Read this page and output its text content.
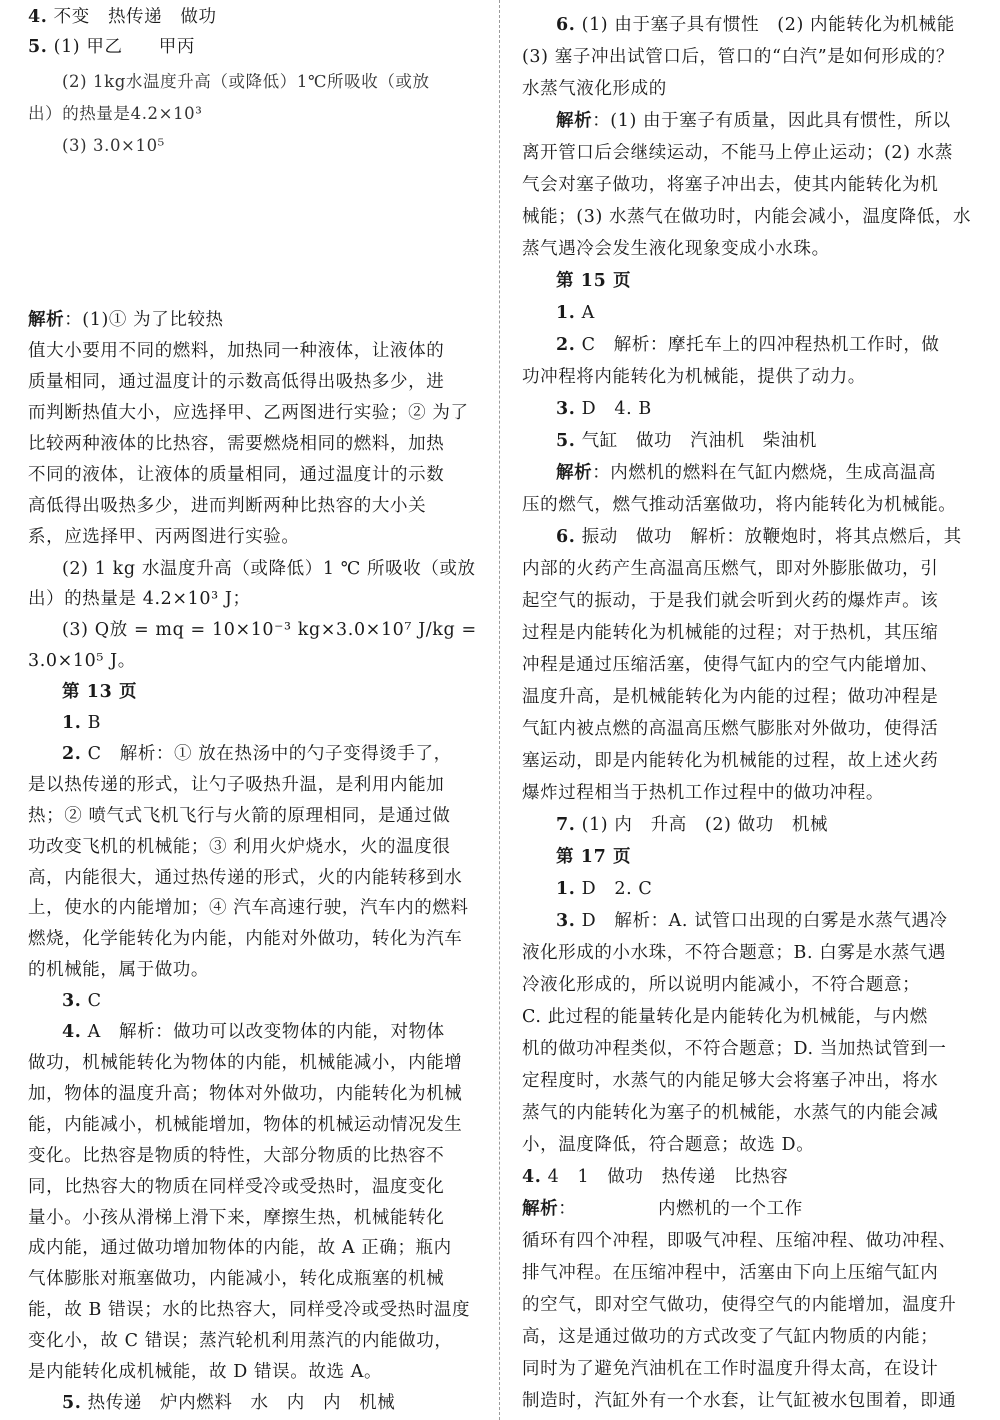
4. 不变　热传递　做功
5. (1) 甲乙　　甲丙
(2) 1kg水温度升高（或降低）1℃所吸收（或放
出）的热量是4.2×10³
(3) 3.0×10⁵
解析：(1)① 为了比较热
值大小要用不同的燃料，加热同一种液体，让液体的
质量相同，通过温度计的示数高低得出吸热多少，进
而判断热值大小，应选择甲、乙两图进行实验；② 为了
比较两种液体的比热容，需要燃烧相同的燃料，加热
不同的液体，让液体的质量相同，通过温度计的示数
高低得出吸热多少，进而判断两种比热容的大小关
系，应选择甲、丙两图进行实验。
(2) 1 kg 水温度升高（或降低）1 ℃ 所吸收（或放
出）的热量是 4.2×10³ J；
(3) Q放 = mq = 10×10⁻³ kg×3.0×10⁷ J/kg =
3.0×10⁵ J。
第 13 页
1. B
2. C　解析：① 放在热汤中的勺子变得烫手了，
是以热传递的形式，让勺子吸热升温，是利用内能加
热；② 喷气式飞机飞行与火箭的原理相同，是通过做
功改变飞机的机械能；③ 利用火炉烧水，火的温度很
高，内能很大，通过热传递的形式，火的内能转移到水
上，使水的内能增加；④ 汽车高速行驶，汽车内的燃料
燃烧，化学能转化为内能，内能对外做功，转化为汽车
的机械能，属于做功。
3. C
4. A　解析：做功可以改变物体的内能，对物体
做功，机械能转化为物体的内能，机械能减小，内能增
加，物体的温度升高；物体对外做功，内能转化为机械
能，内能减小，机械能增加，物体的机械运动情况发生
变化。比热容是物质的特性，大部分物质的比热容不
同，比热容大的物质在同样受冷或受热时，温度变化
量小。小孩从滑梯上滑下来，摩擦生热，机械能转化
成内能，通过做功增加物体的内能，故 A 正确；瓶内
气体膨胀对瓶塞做功，内能减小，转化成瓶塞的机械
能，故 B 错误；水的比热容大，同样受冷或受热时温度
变化小，故 C 错误；蒸汽轮机利用蒸汽的内能做功，
是内能转化成机械能，故 D 错误。故选 A。
5. 热传递　炉内燃料　水　内　内　机械
6. (1) 由于塞子具有惯性　(2) 内能转化为机械能
(3) 塞子冲出试管口后，管口的“白汽”是如何形成的？
水蒸气液化形成的
解析：(1) 由于塞子有质量，因此具有惯性，所以
离开管口后会继续运动，不能马上停止运动；(2) 水蒸
气会对塞子做功，将塞子冲出去，使其内能转化为机
械能；(3) 水蒸气在做功时，内能会减小，温度降低，水
蒸气遇冷会发生液化现象变成小水珠。
第 15 页
1. A
2. C　解析：摩托车上的四冲程热机工作时，做
功冲程将内能转化为机械能，提供了动力。
3. D　4. B
5. 气缸　做功　汽油机　柴油机
解析：内燃机的燃料在气缸内燃烧，生成高温高
压的燃气，燃气推动活塞做功，将内能转化为机械能。
6. 振动　做功　解析：放鞭炮时，将其点燃后，其
内部的火药产生高温高压燃气，即对外膨胀做功，引
起空气的振动，于是我们就会听到火药的爆炸声。该
过程是内能转化为机械能的过程；对于热机，其压缩
冲程是通过压缩活塞，使得气缸内的空气内能增加、
温度升高，是机械能转化为内能的过程；做功冲程是
气缸内被点燃的高温高压燃气膨胀对外做功，使得活
塞运动，即是内能转化为机械能的过程，故上述火药
爆炸过程相当于热机工作过程中的做功冲程。
7. (1) 内　升高　(2) 做功　机械
第 17 页
1. D　2. C
3. D　解析：A. 试管口出现的白雾是水蒸气遇冷
液化形成的小水珠，不符合题意；B. 白雾是水蒸气遇
冷液化形成的，所以说明内能减小，不符合题意；
C. 此过程的能量转化是内能转化为机械能，与内燃
机的做功冲程类似，不符合题意；D. 当加热试管到一
定程度时，水蒸气的内能足够大会将塞子冲出，将水
蒸气的内能转化为塞子的机械能，水蒸气的内能会减
小，温度降低，符合题意；故选 D。
4. 4　1　做功　热传递　比热容
解析：　　　　　内燃机的一个工作
循环有四个冲程，即吸气冲程、压缩冲程、做功冲程、
排气冲程。在压缩冲程中，活塞由下向上压缩气缸内
的空气，即对空气做功，使得空气的内能增加，温度升
高，这是通过做功的方式改变了气缸内物质的内能；
同时为了避免汽油机在工作时温度升得太高，在设计
制造时，汽缸外有一个水套，让气缸被水包围着，即通
